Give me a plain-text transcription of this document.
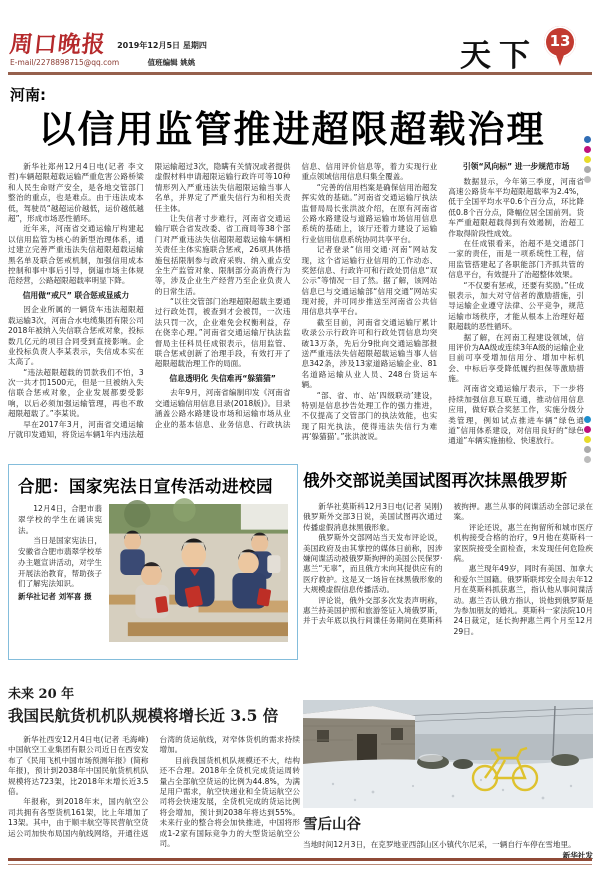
周口晚报 2019年12月5日 星期四
E-mail/2278898715@qq.com	值班编辑 姚姚	天下 13
河南:
以信用监管推进超限超载治理

新华社郑州12月4日电(记者 李文哲)车辆超限超载运输严重危害公路桥梁和人民生命财产安全，是各地交管部门整治的重点，也是难点。由于违法成本低，驾驶员“越超运价越低，运价越低越超”，形成市场恶性循环。

近年来，河南省交通运输厅构建起以信用监管为核心的新型治理体系，通过建立完善严重违法失信超限超载运输黑名单及联合惩戒机制，加强信用成本控制和事中事后引导，倒逼市场主体规范经营，公路超限超载率明显下降。

信用做“戒尺” 联合惩戒显威力

因企业所属的一辆货车违法超限超载运输3次，河南合水电缆集团有限公司2018年被纳入失信联合惩戒对象，投标数几亿元的项目合同受到直接影响。企业投标负责人李某表示，失信成本实在太高了。

“违法超限超载的罚款我们不怕，3次一共才罚1500元，但是一旦被纳入失信联合惩戒对象，企业发展都要受影响，以后必须加强运输管理，再也不敢超限超载了。”李某说。

早在2017年3月，河南省交通运输厅就印发通知，将货运车辆1年内违法超限运输超过3次，隐瞒有关情况或者提供虚假材料申请超限运输行政许可等10种情形列入严重违法失信超限运输当事人名单，并界定了严重失信行为和相关责任主体。

让失信者寸步难行，河南省交通运输厅联合省发改委、省工商局等38个部门对严重违法失信超限超载运输车辆相关责任主体实施联合惩戒，26项具体措施包括限制参与政府采购、纳入重点安全生产监管对象、限制部分高消费行为等，涉及企业生产经营乃至企业负责人的日常生活。

“以往交管部门治理超限超载主要通过行政处罚，被查到才会被罚，一次违法只罚一次，企业难免会权衡利益，存在侥幸心理。”河南省交通运输厅执法监督局主任科员任成银表示，信用监管、联合惩戒创新了治理手段，有效打开了超限超载治理工作的局面。

信息透明化 失信难再“躲猫猫”

去年9月，河南省编制印发《河南省交通运输信用信息目录(2018版)》。目录涵盖公路水路建设市场和运输市场从业企业的基本信息、业务信息、行政执法信息、信用评价信息等，着力实现行业重点领域信用信息归集全覆盖。

“完善的信用档案是确保信用治超发挥实效的基础。”河南省交通运输厅执法监督局局长张洪波介绍，在原有河南省公路水路建设与道路运输市场信用信息系统的基础上，该厅还着力建设了运输行业信用信息系统协同共享平台。

记者登录“信用交通·河南”网站发现，这个省运输行业信用的工作动态、奖惩信息、行政许可和行政处罚信息“双公示”等情况一目了然。据了解，该网站信息已与交通运输部“信用交通”网站实现对接，并可同步推送至河南省公共信用信息共享平台。

截至目前，河南省交通运输厅累计收录公示行政许可和行政处罚信息均突破13万条，先后分9批向交通运输部报送严重违法失信超限超载运输当事人信息342条，涉及13家道路运输企业、81名道路运输从业人员、248台货运车辆。

“部、省、市、站‘四级联动’建设，特别是信息抄告处理工作的强力推进，不仅提高了交管部门的执法效能，也实现了阳光执法，使得违法失信行为难再‘躲猫猫’。”张洪波说。

引领“风向标” 进一步规范市场

数据显示，今年第三季度，河南省高速公路货车平均超限超载率为2.4%，低于全国平均水平0.6个百分点，环比降低0.8个百分点，降幅位居全国前列。货车严重超限超载得到有效遏制，治超工作取得阶段性成效。

在任成银看来，治超不是交通部门一家的责任，而是一项系统性工程，信用监管搭建起了各职能部门齐抓共管的信息平台，有效提升了治超整体效果。

“不仅要有惩戒，还要有奖励。”任成银表示，加大对守信者的激励措施，引导运输企业遵守法律、公平竞争，规范运输市场秩序，才能从根本上治理好超限超载的恶性循环。

据了解，在河南工程建设领域，信用评价为AA级或连续3年A级的运输企业目前可享受增加信用分、增加中标机会、中标后享受降低履约担保等激励措施。

河南省交通运输厅表示，下一步将持续加强信息互联互通，推动信用信息应用，做好联合奖惩工作，实施分级分类管理，例如试点推进车辆“绿色通道”信用体系建设，对信用良好的“绿色通道”车辆实施抽检、快速放行。

合肥：国家宪法日宣传活动进校园

12月4日，合肥市翡翠学校的学生在诵读宪法。

当日是国家宪法日，安徽省合肥市翡翠学校举办主题宣讲活动，对学生开展法治教育，帮助孩子们了解宪法知识。

新华社记者 刘军喜 摄

俄外交部说美国试图再次抹黑俄罗斯

新华社莫斯科12月3日电(记者 吴刚)俄罗斯外交部3日说，美国试图再次通过传播虚假消息抹黑俄形象。

俄罗斯外交部网站当天发布评论说，美国政府及由其掌控的媒体日前称，因涉嫌间谍活动被俄罗斯拘押的美国公民保罗·惠兰“无辜”，而且俄方未向其提供应有的医疗救护。这是又一场旨在抹黑俄形象的大规模虚假信息传播活动。

评论说，俄外交部多次发表声明称，惠兰持美国护照和旅游签证入境俄罗斯，并于去年底以执行间谍任务期间在莫斯科被拘押。惠兰从事的间谍活动全部记录在案。

评论还说，惠兰在拘留所和城市医疗机构接受合格的治疗，9月他在莫斯科一家医院接受全面检查，未发现任何危险疾病。

惠兰现年49岁，同时有美国、加拿大和爱尔兰国籍。俄罗斯联邦安全局去年12月在莫斯科抓获惠兰，指认他从事间谍活动。惠兰否认俄方指认，说他到俄罗斯是为参加朋友的婚礼。莫斯科一家法院10月24日裁定，延长拘押惠兰两个月至12月29日。

未来 20 年
我国民航货机机队规模将增长近 3.5 倍

新华社西安12月4日电(记者 毛海峰)中国航空工业集团有限公司近日在西安发布了《民用飞机中国市场预测年报》(简称年报)，预计到2038年中国民航货机机队规模将达723架，比2018年末增长近3.5倍。

年报称，到2018年末，国内航空公司共拥有各型货机161架，比上年增加了13架。其中，由于顺丰航空等民营航空货运公司加快布局国内航线网络，开通往返台湾的货运航线，对窄体货机的需求持续增加。

目前我国货机机队规模还不大，结构还不合理。2018年全货机完成货运周转量占全部航空货运的比例为44.8%，为满足用户需求，航空快递业和全货运航空公司将会快速发展，全货机完成的货运比例将会增加，预计到2038年将达到55%。未来行业的整合将会加快推进，中国将形成1-2家有国际竞争力的大型货运航空公司。

雪后山谷
当地时间12月3日，在克罗地亚西部山区小镇代尔尼采，一辆自行车停在雪地里。
新华社发
